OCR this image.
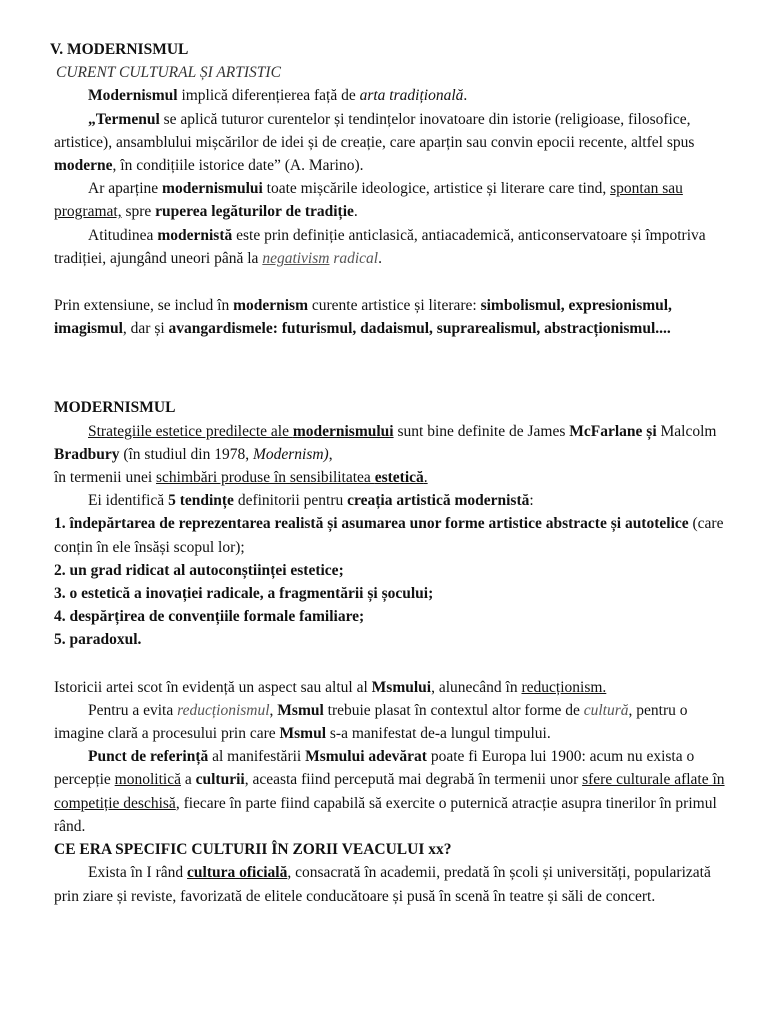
V. MODERNISMUL

CURENT CULTURAL ȘI ARTISTIC

Modernismul implică diferențierea față de arta tradițională.

„Termenul se aplică tuturor curentelor și tendințelor inovatoare din istorie (religioase, filosofice, artistice), ansamblului mișcărilor de idei și de creație, care aparțin sau convin epocii recente, altfel spus moderne, în condițiile istorice date” (A. Marino).

Ar aparține modernismului toate mișcările ideologice, artistice și literare care tind, spontan sau programat, spre ruperea legăturilor de tradiție.

Atitudinea modernistă este prin definiție anticlasică, antiacademică, anticonservatoare și împotriva tradiției, ajungând uneori până la negativism radical.

Prin extensiune, se includ în modernism curente artistice și literare: simbolismul, expresionismul, imagismul, dar și avangardismele: futurismul, dadaismul, suprarealismul, abstracționismul....

MODERNISMUL

Strategiile estetice predilecte ale modernismului sunt bine definite de James McFarlane și Malcolm Bradbury (în studiul din 1978, Modernism),

în termenii unei schimbări produse în sensibilitatea estetică.

Ei identifică 5 tendințe definitorii pentru creația artistică modernistă:

1. îndepărtarea de reprezentarea realistă și asumarea unor forme artistice abstracte și autotelice (care conțin în ele însăși scopul lor);

2. un grad ridicat al autoconștiinței estetice;

3. o estetică a inovației radicale, a fragmentării și șocului;

4. despărțirea de convențiile formale familiare;

5. paradoxul.

Istoricii artei scot în evidență un aspect sau altul al Msmului, alunecând în reducționism.

Pentru a evita reducționismul, Msmul trebuie plasat în contextul altor forme de cultură, pentru o imagine clară a procesului prin care Msmul s-a manifestat de-a lungul timpului.

Punct de referință al manifestării Msmului adevărat poate fi Europa lui 1900: acum nu exista o percepție monolitică a culturii, aceasta fiind percepută mai degrabă în termenii unor sfere culturale aflate în competiție deschisă, fiecare în parte fiind capabilă să exercite o puternică atracție asupra tinerilor în primul rând.

CE ERA SPECIFIC CULTURII ÎN ZORII VEACULUI xx?

Exista în I rând cultura oficială, consacrată în academii, predată în școli și universități, popularizată prin ziare și reviste, favorizată de elitele conducătoare și pusă în scenă în teatre și săli de concert.
